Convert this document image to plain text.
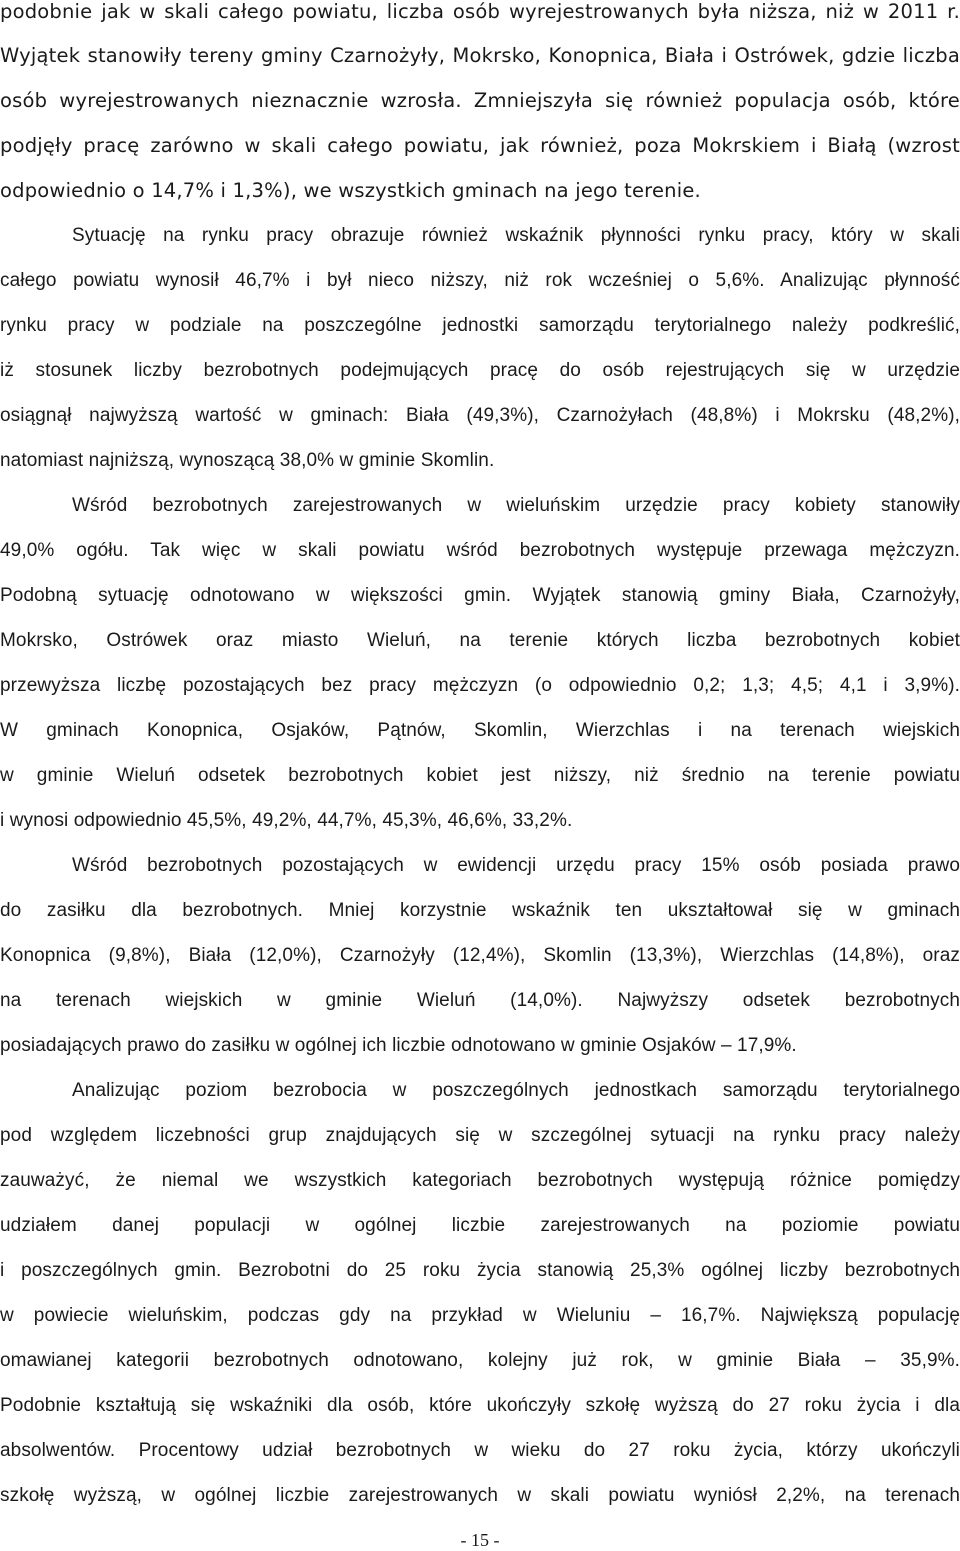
podobnie jak w skali całego powiatu, liczba osób wyrejestrowanych była niższa, niż w 2011 r.
Wyjątek stanowiły tereny gminy Czarnożyły, Mokrsko, Konopnica, Biała i Ostrówek, gdzie liczba
osób wyrejestrowanych nieznacznie wzrosła. Zmniejszyła się również populacja osób, które
podjęły pracę zarówno w skali całego powiatu, jak również, poza Mokrskiem i Białą (wzrost
odpowiednio o 14,7% i 1,3%), we wszystkich gminach na jego terenie.
Sytuację na rynku pracy obrazuje również wskaźnik płynności rynku pracy, który w skali
całego powiatu wynosił 46,7% i był nieco niższy, niż rok wcześniej o 5,6%. Analizując płynność
rynku pracy w podziale na poszczególne jednostki samorządu terytorialnego należy podkreślić,
iż stosunek liczby bezrobotnych podejmujących pracę do osób rejestrujących się w urzędzie
osiągnął najwyższą wartość w gminach: Biała (49,3%), Czarnożyłach (48,8%) i Mokrsku (48,2%),
natomiast najniższą, wynoszącą 38,0% w gminie Skomlin.
Wśród bezrobotnych zarejestrowanych w wieluńskim urzędzie pracy kobiety stanowiły
49,0% ogółu. Tak więc w skali powiatu wśród bezrobotnych występuje przewaga mężczyzn.
Podobną sytuację odnotowano w większości gmin. Wyjątek stanowią gminy Biała, Czarnożyły,
Mokrsko, Ostrówek oraz miasto Wieluń, na terenie których liczba bezrobotnych kobiet
przewyższa liczbę pozostających bez pracy mężczyzn (o odpowiednio 0,2; 1,3; 4,5; 4,1 i 3,9%).
W gminach Konopnica, Osjaków, Pątnów, Skomlin, Wierzchlas i na terenach wiejskich
w gminie Wieluń odsetek bezrobotnych kobiet jest niższy, niż średnio na terenie powiatu
i wynosi odpowiednio 45,5%, 49,2%, 44,7%, 45,3%, 46,6%, 33,2%.
Wśród bezrobotnych pozostających w ewidencji urzędu pracy 15% osób posiada prawo
do zasiłku dla bezrobotnych. Mniej korzystnie wskaźnik ten ukształtował się w gminach
Konopnica (9,8%), Biała (12,0%), Czarnożyły (12,4%), Skomlin (13,3%), Wierzchlas (14,8%), oraz
na terenach wiejskich w gminie Wieluń (14,0%). Najwyższy odsetek bezrobotnych
posiadających prawo do zasiłku w ogólnej ich liczbie odnotowano w gminie Osjaków – 17,9%.
Analizując poziom bezrobocia w poszczególnych jednostkach samorządu terytorialnego
pod względem liczebności grup znajdujących się w szczególnej sytuacji na rynku pracy należy
zauważyć, że niemal we wszystkich kategoriach bezrobotnych występują różnice pomiędzy
udziałem danej populacji w ogólnej liczbie zarejestrowanych na poziomie powiatu
i poszczególnych gmin. Bezrobotni do 25 roku życia stanowią 25,3% ogólnej liczby bezrobotnych
w powiecie wieluńskim, podczas gdy na przykład w Wieluniu – 16,7%. Największą populację
omawianej kategorii bezrobotnych odnotowano, kolejny już rok, w gminie Biała – 35,9%.
Podobnie kształtują się wskaźniki dla osób, które ukończyły szkołę wyższą do 27 roku życia i dla
absolwentów. Procentowy udział bezrobotnych w wieku do 27 roku życia, którzy ukończyli
szkołę wyższą, w ogólnej liczbie zarejestrowanych w skali powiatu wyniósł 2,2%, na terenach
- 15 -
